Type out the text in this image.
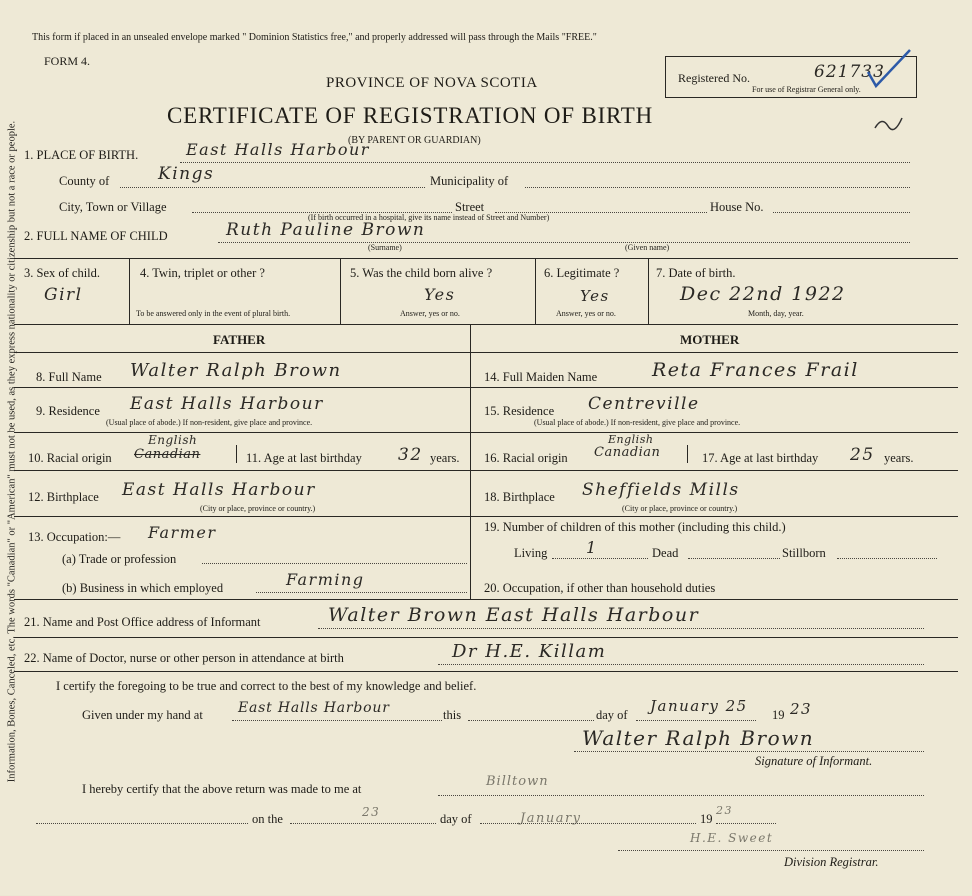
Information, Bones, Canceled, etc. The words "Canadian" or "American" must not be used, as they express nationality or citizenship but not a race or people.
This form if placed in an unsealed envelope marked " Dominion Statistics free," and properly addressed will pass through the Mails "FREE."
FORM 4.
PROVINCE OF NOVA SCOTIA
CERTIFICATE OF REGISTRATION OF BIRTH
(BY PARENT OR GUARDIAN)
Registered No.	621733
For use of Registrar General only.
1. PLACE OF BIRTH.	East Halls Harbour
County of	Kings	Municipality of
City, Town or Village	Street	House No.
(If birth occurred in a hospital, give its name instead of Street and Number)
2. FULL NAME OF CHILD	Ruth Pauline Brown
(Surname)	(Given name)
3. Sex of child.
Girl
4. Twin, triplet or other ?
To be answered only in the event of plural birth.
5. Was the child born alive ?
Yes
Answer, yes or no.
6. Legitimate ?
Yes
Answer, yes or no.
7. Date of birth.
Dec 22nd 1922
Month, day, year.
FATHER	MOTHER
8. Full Name Walter Ralph Brown
9. Residence East Halls Harbour
(Usual place of abode.) If non-resident, give place and province.
10. Racial origin Canadian
English
11. Age at last birthday 32 years.
12. Birthplace East Halls Harbour
(City or place, province or country.)
13. Occupation:— Farmer
(a) Trade or profession
(b) Business in which employed	Farming
14. Full Maiden Name	Reta Frances Frail
15. Residence Centreville
(Usual place of abode.) If non-resident, give place and province.
16. Racial origin Canadian
English
17. Age at last birthday 25 years.
18. Birthplace Sheffields Mills
(City or place, province or country.)
19. Number of children of this mother (including this child.)
Living 1	Dead	Stillborn
20. Occupation, if other than household duties
21. Name and Post Office address of Informant	Walter Brown East Halls Harbour
22. Name of Doctor, nurse or other person in attendance at birth	Dr H.E. Killam
I certify the foregoing to be true and correct to the best of my knowledge and belief.
Given under my hand at	East Halls Harbour	this	day of January 25 19 23
Walter Ralph Brown
Signature of Informant.
I hereby certify that the above return was made to me at	Billtown
on the	23	day of	January	19
23
H.E. Sweet
Division Registrar.
